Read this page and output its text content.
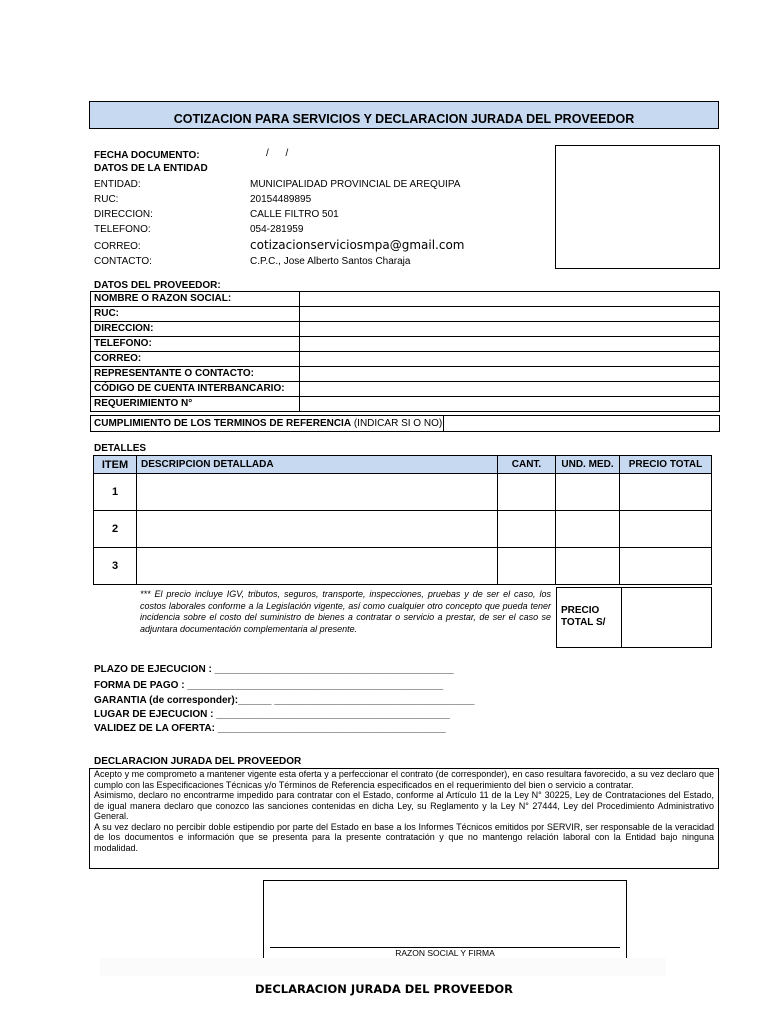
COTIZACION PARA SERVICIOS Y DECLARACION JURADA DEL PROVEEDOR
FECHA DOCUMENTO:	/ /
DATOS DE LA ENTIDAD
ENTIDAD:	MUNICIPALIDAD PROVINCIAL DE AREQUIPA
RUC:	20154489895
DIRECCION:	CALLE FILTRO 501
TELEFONO:	054-281959
CORREO:	cotizacionserviciosmpa@gmail.com
CONTACTO:	C.P.C., Jose Alberto Santos Charaja
DATOS DEL PROVEEDOR:
NOMBRE O RAZON SOCIAL:	
RUC:	
DIRECCION:	
TELEFONO:	
CORREO:	
REPRESENTANTE O CONTACTO:	
CÓDIGO DE CUENTA INTERBANCARIO:	
REQUERIMIENTO N°	
CUMPLIMIENTO DE LOS TERMINOS DE REFERENCIA (INDICAR SI O NO)
DETALLES
ITEM	DESCRIPCION DETALLADA	CANT.	UND. MED.	PRECIO TOTAL
1				
2				
3				
*** El precio incluye IGV, tributos, seguros, transporte, inspecciones, pruebas y de ser el caso, los costos laborales conforme a la Legislación vigente, así como cualquier otro concepto que pueda tener incidencia sobre el costo del suministro de bienes a contratar o servicio a prestar, de ser el caso se adjuntara documentación complementaria al presente.
PRECIO TOTAL S/
PLAZO DE EJECUCION : ___________________________________________
FORMA DE PAGO : ______________________________________________
GARANTIA (de corresponder):______ ____________________________________
LUGAR DE EJECUCION : __________________________________________
VALIDEZ DE LA OFERTA: _________________________________________
DECLARACION JURADA DEL PROVEEDOR

Acepto y me comprometo a mantener vigente esta oferta y a perfeccionar el contrato (de corresponder), en caso resultara favorecido, a su vez declaro que cumplo con las Especificaciones Técnicas y/o Términos de Referencia especificados en el requerimiento del bien o servicio a contratar.

Asimismo, declaro no encontrarme impedido para contratar con el Estado, conforme al Artículo 11 de la Ley N° 30225, Ley de Contrataciones del Estado, de igual manera declaro que conozco las sanciones contenidas en dicha Ley, su Reglamento y la Ley N° 27444, Ley del Procedimiento Administrativo General.

A su vez declaro no percibir doble estipendio por parte del Estado en base a los Informes Técnicos emitidos por SERVIR, ser responsable de la veracidad de los documentos e información que se presenta para la presente contratación y que no mantengo relación laboral con la Entidad bajo ninguna modalidad.

RAZON SOCIAL Y FIRMA
DECLARACION JURADA DEL PROVEEDOR
